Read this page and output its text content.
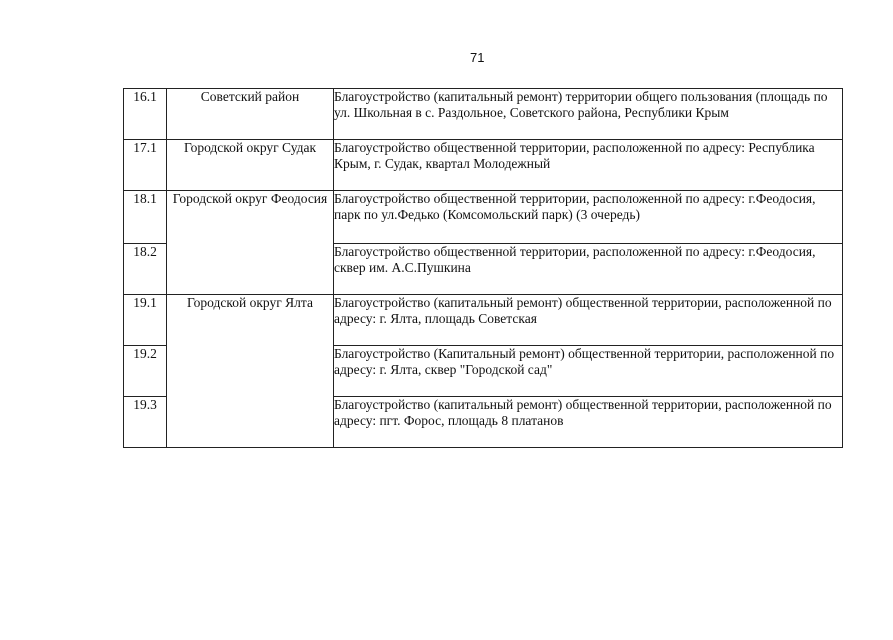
71
16.1	Советский район	Благоустройство (капитальный ремонт) территории общего пользования (площадь по ул. Школьная в с. Раздольное, Советского района, Республики Крым

17.1	Городской округ Судак	Благоустройство общественной территории, расположенной по адресу: Республика Крым, г. Судак, квартал Молодежный

18.1	Городской округ Феодосия	Благоустройство общественной территории, расположенной по адресу: г.Феодосия, парк по ул.Федько (Комсомольский парк) (3 очередь)

18.2		Благоустройство общественной территории, расположенной по адресу: г.Феодосия, сквер им. А.С.Пушкина

19.1	Городской округ Ялта	Благоустройство (капитальный ремонт) общественной территории, расположенной по адресу: г. Ялта, площадь Советская

19.2		Благоустройство (Капитальный ремонт) общественной территории, расположенной по адресу: г. Ялта, сквер "Городской сад"

19.3		Благоустройство (капитальный ремонт) общественной территории, расположенной по адресу: пгт. Форос, площадь 8 платанов
